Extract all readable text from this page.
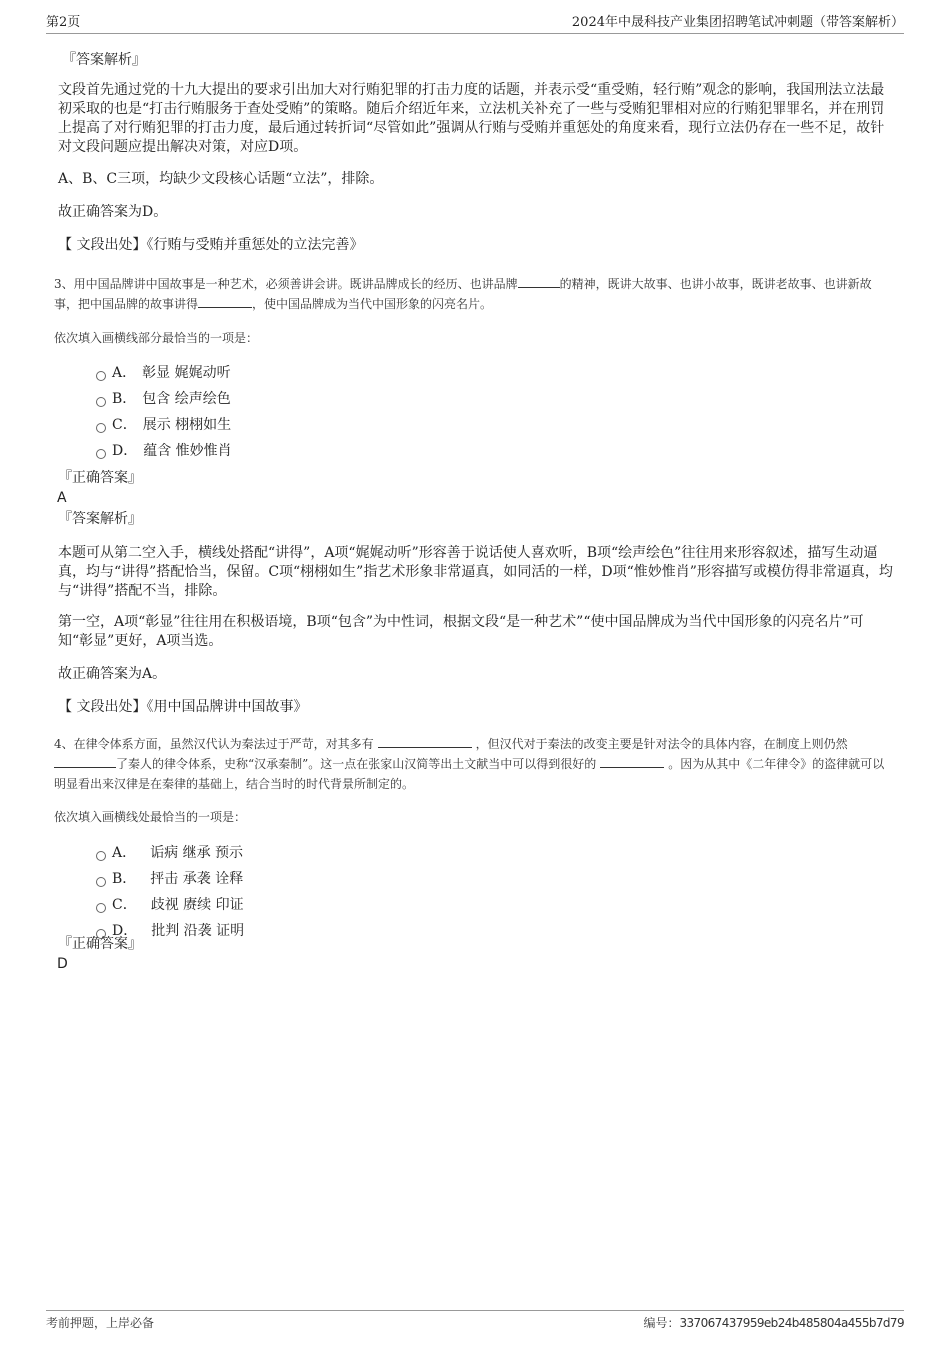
第2页	2024年中晟科技产业集团招聘笔试冲刺题（带答案解析）
『答案解析』
文段首先通过党的十九大提出的要求引出加大对行贿犯罪的打击力度的话题，并表示受“重受贿，轻行贿”观念的影响，我国刑法立法最初采取的也是“打击行贿服务于查处受贿”的策略。随后介绍近年来，立法机关补充了一些与受贿犯罪相对应的行贿犯罪罪名，并在刑罚上提高了对行贿犯罪的打击力度，最后通过转折词“尽管如此”强调从行贿与受贿并重惩处的角度来看，现行立法仍存在一些不足，故针对文段问题应提出解决对策，对应D项。
A、B、C三项，均缺少文段核心话题“立法”，排除。
故正确答案为D。
【 文段出处】《行贿与受贿并重惩处的立法完善》
3、用中国品牌讲中国故事是一种艺术，必须善讲会讲。既讲品牌成长的经历、也讲品牌	的精神，既讲大故事、也讲小故事，既讲老故事、也讲新故事，把中国品牌的故事讲得	，使中国品牌成为当代中国形象的闪亮名片。
依次填入画横线部分最恰当的一项是：
A． 彰显 娓娓动听
B． 包含 绘声绘色
C． 展示 栩栩如生
D． 蕴含 惟妙惟肖
『正确答案』
A
『答案解析』
本题可从第二空入手，横线处搭配“讲得”，A项“娓娓动听”形容善于说话使人喜欢听，B项“绘声绘色”往往用来形容叙述，描写生动逼真，均与“讲得”搭配恰当，保留。C项“栩栩如生”指艺术形象非常逼真，如同活的一样，D项“惟妙惟肖”形容描写或模仿得非常逼真，均与“讲得”搭配不当，排除。
第一空，A项“彰显”往往用在积极语境，B项“包含”为中性词，根据文段“是一种艺术”“使中国品牌成为当代中国形象的闪亮名片”可知“彰显”更好，A项当选。
故正确答案为A。
【 文段出处】《用中国品牌讲中国故事》
4、在律令体系方面，虽然汉代认为秦法过于严苛，对其多有	，但汉代对于秦法的改变主要是针对法令的具体内容，在制度上则仍然了秦人的律令体系，史称“汉承秦制”。这一点在张家山汉简等出土文献当中可以得到很好的	。因为从其中《二年律令》的盗律就可以明显看出来汉律是在秦律的基础上，结合当时的时代背景所制定的。
依次填入画横线处最恰当的一项是：
A． 诟病 继承 预示
B． 抨击 承袭 诠释
C． 歧视 赓续 印证
D． 批判 沿袭 证明
『正确答案』
D
考前押题，上岸必备	编号：337067437959eb24b485804a455b7d79
